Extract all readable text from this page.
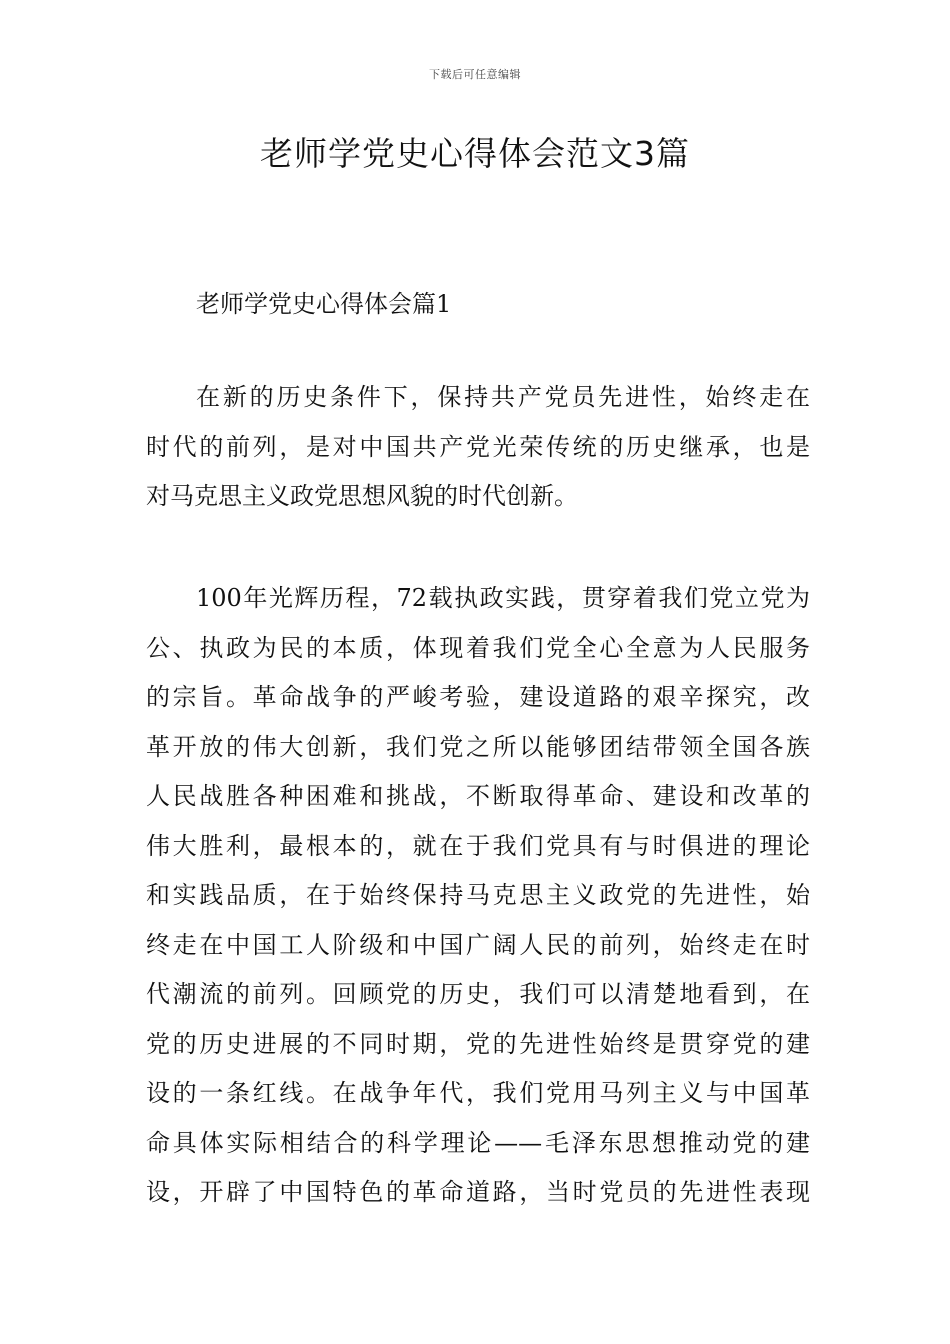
下载后可任意编辑
老师学党史心得体会范文3篇
老师学党史心得体会篇1
在新的历史条件下，保持共产党员先进性，始终走在
时代的前列，是对中国共产党光荣传统的历史继承，也是
对马克思主义政党思想风貌的时代创新。
100年光辉历程，72载执政实践，贯穿着我们党立党为
公、执政为民的本质，体现着我们党全心全意为人民服务
的宗旨。革命战争的严峻考验，建设道路的艰辛探究，改
革开放的伟大创新，我们党之所以能够团结带领全国各族
人民战胜各种困难和挑战，不断取得革命、建设和改革的
伟大胜利，最根本的，就在于我们党具有与时俱进的理论
和实践品质，在于始终保持马克思主义政党的先进性，始
终走在中国工人阶级和中国广阔人民的前列，始终走在时
代潮流的前列。回顾党的历史，我们可以清楚地看到，在
党的历史进展的不同时期，党的先进性始终是贯穿党的建
设的一条红线。在战争年代，我们党用马列主义与中国革
命具体实际相结合的科学理论——毛泽东思想推动党的建
设，开辟了中国特色的革命道路，当时党员的先进性表现
